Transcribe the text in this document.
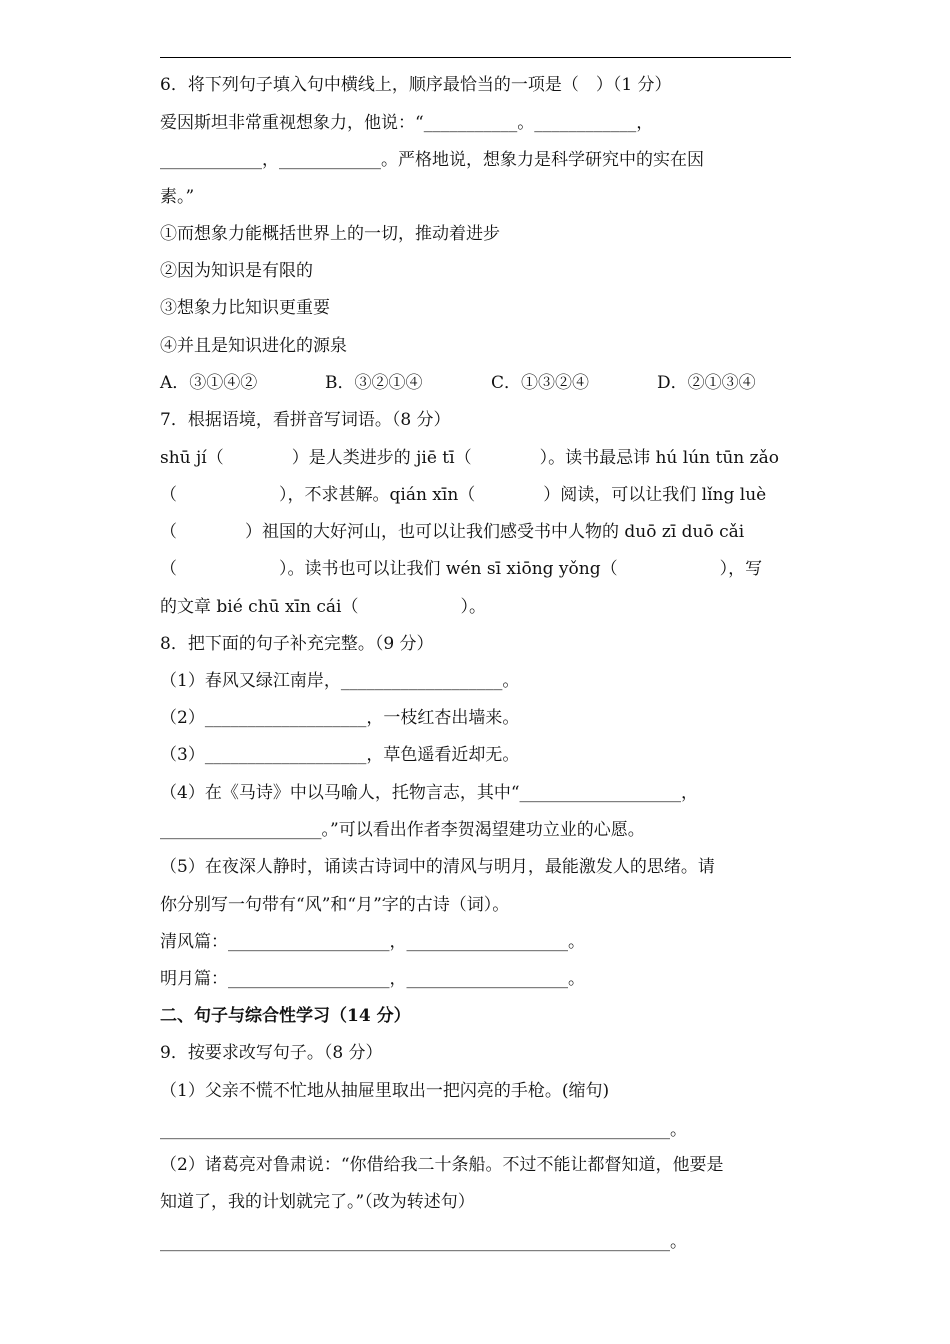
6．将下列句子填入句中横线上，顺序最恰当的一项是（　）（1 分）
爱因斯坦非常重视想象力，他说：“___________。____________，
____________，____________。严格地说，想象力是科学研究中的实在因
素。”
①而想象力能概括世界上的一切，推动着进步
②因为知识是有限的
③想象力比知识更重要
④并且是知识进化的源泉
A．③①④②	B．③②①④	C．①③②④	D．②①③④
7．根据语境，看拼音写词语。（8 分）
shū jí（　　　　）是人类进步的 jiē tī（　　　　）。读书最忌讳 hú lún tūn zǎo
（　　　　　　），不求甚解。qián xīn（　　　　）阅读，可以让我们 lǐng luè
（　　　　）祖国的大好河山，也可以让我们感受书中人物的 duō zī duō cǎi
（　　　　　　）。读书也可以让我们 wén sī xiōng yǒng（　　　　　　），写
的文章 bié chū xīn cái（　　　　　　）。
8．把下面的句子补充完整。（9 分）
（1）春风又绿江南岸，___________________。
（2）___________________，一枝红杏出墙来。
（3）___________________，草色遥看近却无。
（4）在《马诗》中以马喻人，托物言志，其中“___________________，
___________________。”可以看出作者李贺渴望建功立业的心愿。
（5）在夜深人静时，诵读古诗词中的清风与明月，最能激发人的思绪。请
你分别写一句带有“风”和“月”字的古诗（词）。
清风篇：___________________，___________________。
明月篇：___________________，___________________。
二、句子与综合性学习（14 分）
9．按要求改写句子。（8 分）
（1）父亲不慌不忙地从抽屉里取出一把闪亮的手枪。(缩句)
____________________________________________________________。
（2）诸葛亮对鲁肃说：“你借给我二十条船。不过不能让都督知道，他要是
知道了，我的计划就完了。”（改为转述句）
____________________________________________________________。
